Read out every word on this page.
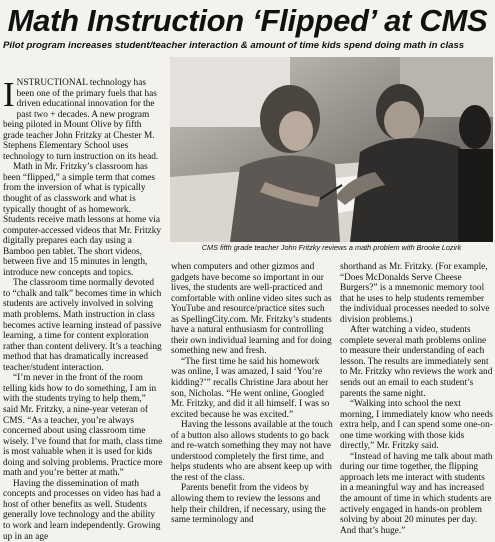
Math Instruction ‘Flipped’ at CMS
Pilot program increases student/teacher interaction & amount of time kids spend doing math in class

INSTRUCTIONAL technology has been one of the primary fuels that has driven educational innovation for the past two + decades. A new program being piloted in Mount Olive by fifth grade teacher John Fritzky at Chester M. Stephens Elementary School uses technology to turn instruction on its head.

Math in Mr. Fritzky’s classroom has been “flipped,” a simple term that comes from the inversion of what is typically thought of as classwork and what is typically thought of as homework. Students receive math lessons at home via computer-accessed videos that Mr. Fritzky digitally prepares each day using a Bamboo pen tablet. The short videos, between five and 15 minutes in length, introduce new concepts and topics.

The classroom time normally devoted to “chalk and talk” becomes time in which students are actively involved in solving math problems. Math instruction in class becomes active learning instead of passive learning, a time for content exploration rather than content delivery. It’s a teaching method that has dramatically increased teacher/student interaction.

“I’m never in the front of the room telling kids how to do something, I am in with the students trying to help them,” said Mr. Fritzky, a nine-year veteran of CMS. “As a teacher, you’re always concerned about using classroom time wisely. I’ve found that for math, class time is most valuable when it is used for kids doing and solving problems. Practice more math and you’re better at math.”

Having the dissemination of math concepts and processes on video has had a host of other benefits as well. Students generally love technology and the ability to work and learn independently. Growing up in an age

CMS fifth grade teacher John Fritzky reviews a math problem with Brooke Lozirk

when computers and other gizmos and gadgets have become so important in our lives, the students are well-practiced and comfortable with online video sites such as YouTube and resource/practice sites such as SpellingCity.com. Mr. Fritzky’s students have a natural enthusiasm for controlling their own individual learning and for doing something new and fresh.

“The first time he said his homework was online, I was amazed, I said ‘You’re kidding?’” recalls Christine Jara about her son, Nicholas. “He went online, Googled Mr. Fritzky, and did it all himself. I was so excited because he was excited.”

Having the lessons available at the touch of a button also allows students to go back and re-watch something they may not have understood completely the first time, and helps students who are absent keep up with the rest of the class.

Parents benefit from the videos by allowing them to review the lessons and help their children, if necessary, using the same terminology and

shorthand as Mr. Fritzky. (For example, “Does McDonalds Serve Cheese Burgers?” is a mnemonic memory tool that he uses to help students remember the individual processes needed to solve division problems.)

After watching a video, students complete several math problems online to measure their understanding of each lesson. The results are immediately sent to Mr. Fritzky who reviews the work and sends out an email to each student’s parents the same night.

“Walking into school the next morning, I immediately know who needs extra help, and I can spend some one-on-one time working with those kids directly,” Mr. Fritzky said.

“Instead of having me talk about math during our time together, the flipping approach lets me interact with students in a meaningful way and has increased the amount of time in which students are actively engaged in hands-on problem solving by about 20 minutes per day. And that’s huge.”
